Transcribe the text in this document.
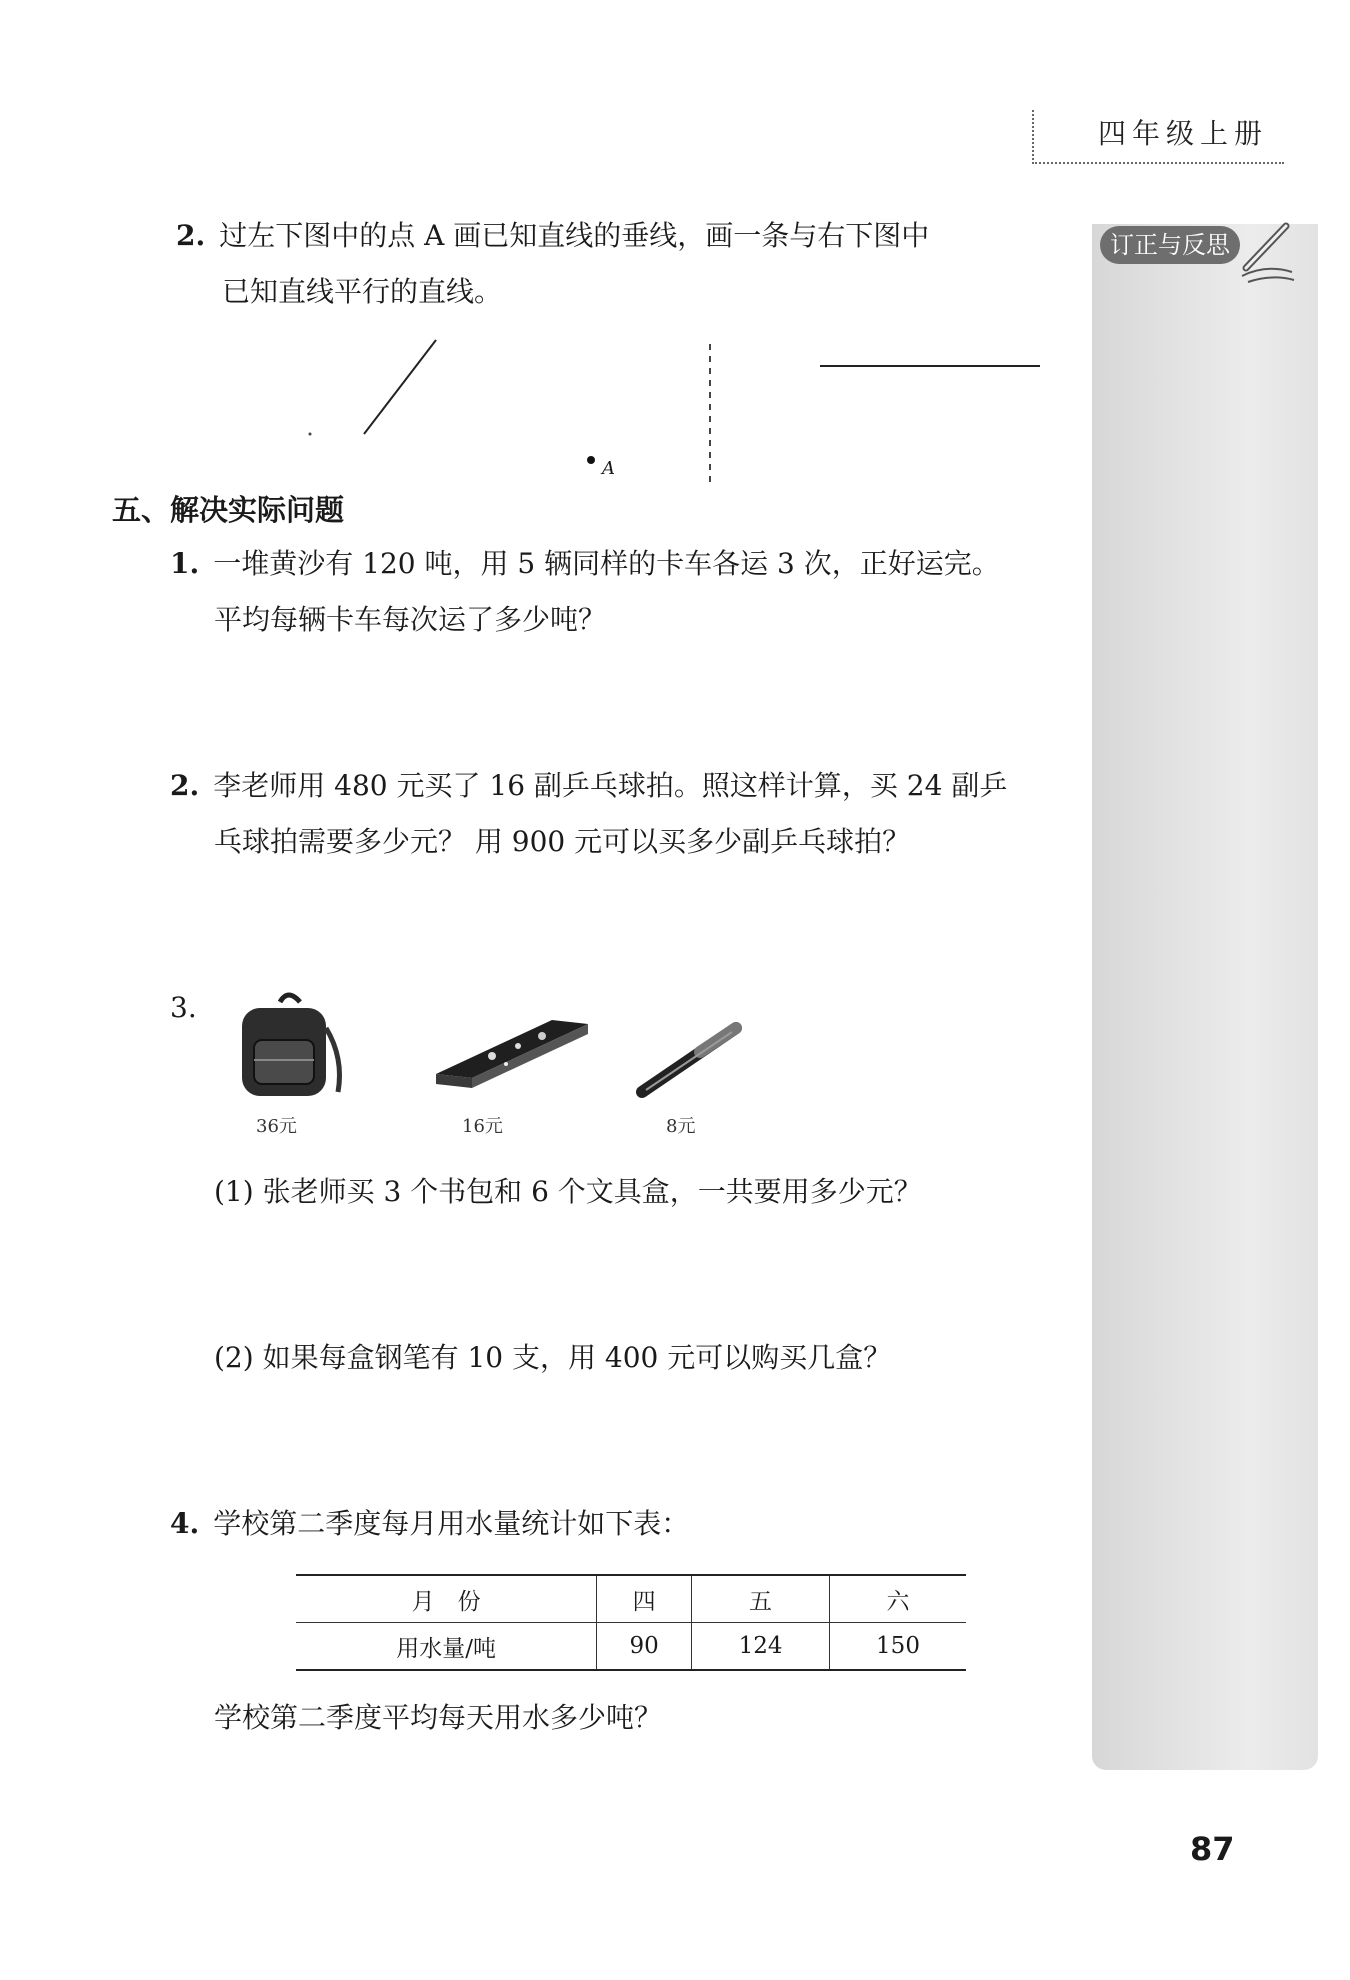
四年级上册
订正与反思
2. 过左下图中的点 A 画已知直线的垂线，画一条与右下图中
已知直线平行的直线。
A
五、解决实际问题
1. 一堆黄沙有 120 吨，用 5 辆同样的卡车各运 3 次，正好运完。
平均每辆卡车每次运了多少吨？
2. 李老师用 480 元买了 16 副乒乓球拍。照这样计算，买 24 副乒
乓球拍需要多少元？ 用 900 元可以买多少副乒乓球拍？
3.
36元	16元	8元
(1) 张老师买 3 个书包和 6 个文具盒，一共要用多少元？
(2) 如果每盒钢笔有 10 支，用 400 元可以购买几盒？
4. 学校第二季度每月用水量统计如下表：
月　份	四	五	六
用水量/吨	90	124	150
学校第二季度平均每天用水多少吨？
87
